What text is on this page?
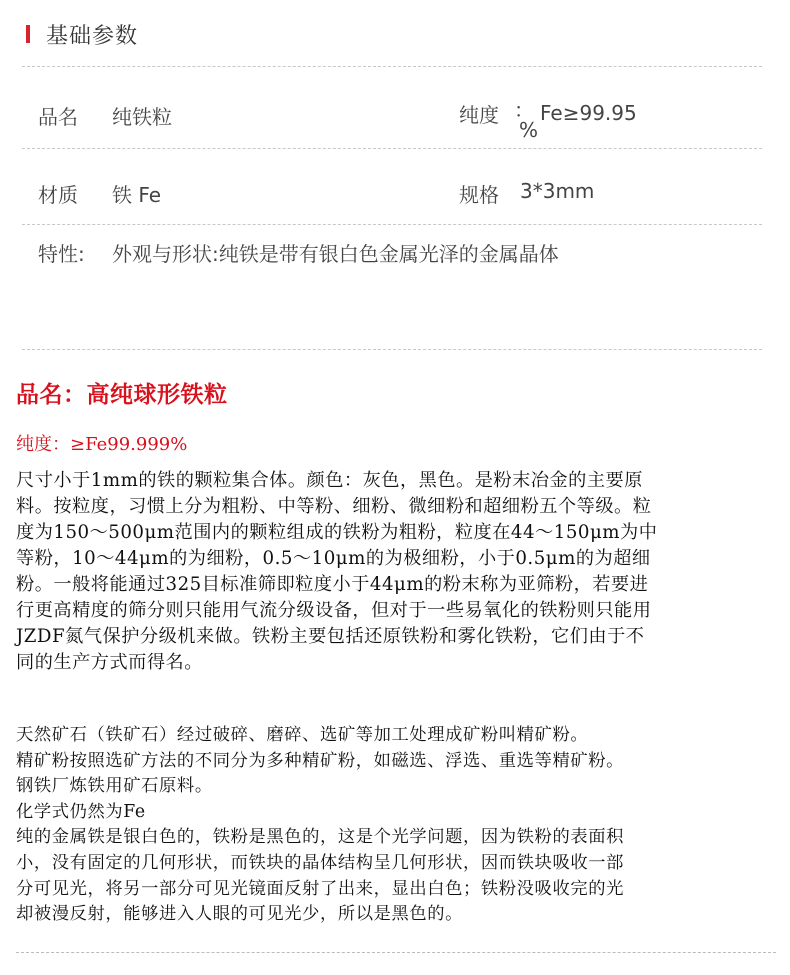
基础参数
品名 纯铁粒	纯度 ： Fe≥99.95
%
材质 铁 Fe	规格 3*3mm
特性: 外观与形状:纯铁是带有银白色金属光泽的金属晶体
品名：高纯球形铁粒
纯度：≥Fe99.999%

尺寸小于1mm的铁的颗粒集合体。颜色：灰色，黑色。是粉末冶金的主要原
料。按粒度，习惯上分为粗粉、中等粉、细粉、微细粉和超细粉五个等级。粒
度为150～500μm范围内的颗粒组成的铁粉为粗粉，粒度在44～150μm为中
等粉，10～44μm的为细粉，0.5～10μm的为极细粉，小于0.5μm的为超细
粉。一般将能通过325目标准筛即粒度小于44μm的粉末称为亚筛粉，若要进
行更高精度的筛分则只能用气流分级设备，但对于一些易氧化的铁粉则只能用
JZDF氮气保护分级机来做。铁粉主要包括还原铁粉和雾化铁粉，它们由于不
同的生产方式而得名。

天然矿石（铁矿石）经过破碎、磨碎、选矿等加工处理成矿粉叫精矿粉。
精矿粉按照选矿方法的不同分为多种精矿粉，如磁选、浮选、重选等精矿粉。
钢铁厂炼铁用矿石原料。
化学式仍然为Fe
纯的金属铁是银白色的，铁粉是黑色的，这是个光学问题，因为铁粉的表面积
小，没有固定的几何形状，而铁块的晶体结构呈几何形状，因而铁块吸收一部
分可见光，将另一部分可见光镜面反射了出来，显出白色；铁粉没吸收完的光
却被漫反射，能够进入人眼的可见光少，所以是黑色的。
